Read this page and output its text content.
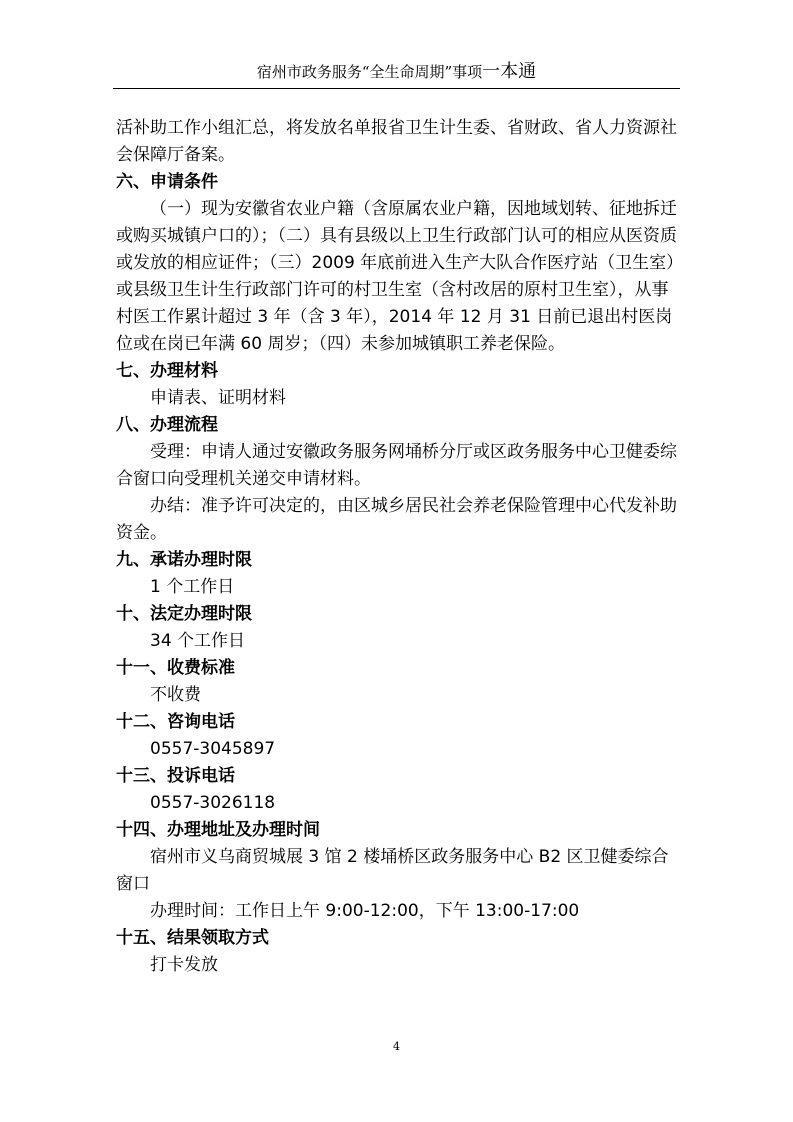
宿州市政务服务“全生命周期”事项一本通

活补助工作小组汇总，将发放名单报省卫生计生委、省财政、省人力资源社会保障厅备案。

六、申请条件

（一）现为安徽省农业户籍（含原属农业户籍，因地域划转、征地拆迁或购买城镇户口的）；（二）具有县级以上卫生行政部门认可的相应从医资质或发放的相应证件；（三）2009 年底前进入生产大队合作医疗站（卫生室）或县级卫生计生行政部门许可的村卫生室（含村改居的原村卫生室），从事村医工作累计超过 3 年（含 3 年），2014 年 12 月 31 日前已退出村医岗位或在岗已年满 60 周岁；（四）未参加城镇职工养老保险。

七、办理材料

申请表、证明材料

八、办理流程

受理：申请人通过安徽政务服务网埇桥分厅或区政务服务中心卫健委综合窗口向受理机关递交申请材料。

办结：准予许可决定的，由区城乡居民社会养老保险管理中心代发补助资金。

九、承诺办理时限

1 个工作日

十、法定办理时限

34 个工作日

十一、收费标准

不收费

十二、咨询电话

0557-3045897

十三、投诉电话

0557-3026118

十四、办理地址及办理时间

宿州市义乌商贸城展 3 馆 2 楼埇桥区政务服务中心 B2 区卫健委综合窗口

办理时间：工作日上午 9:00-12:00，下午 13:00-17:00

十五、结果领取方式

打卡发放

4
